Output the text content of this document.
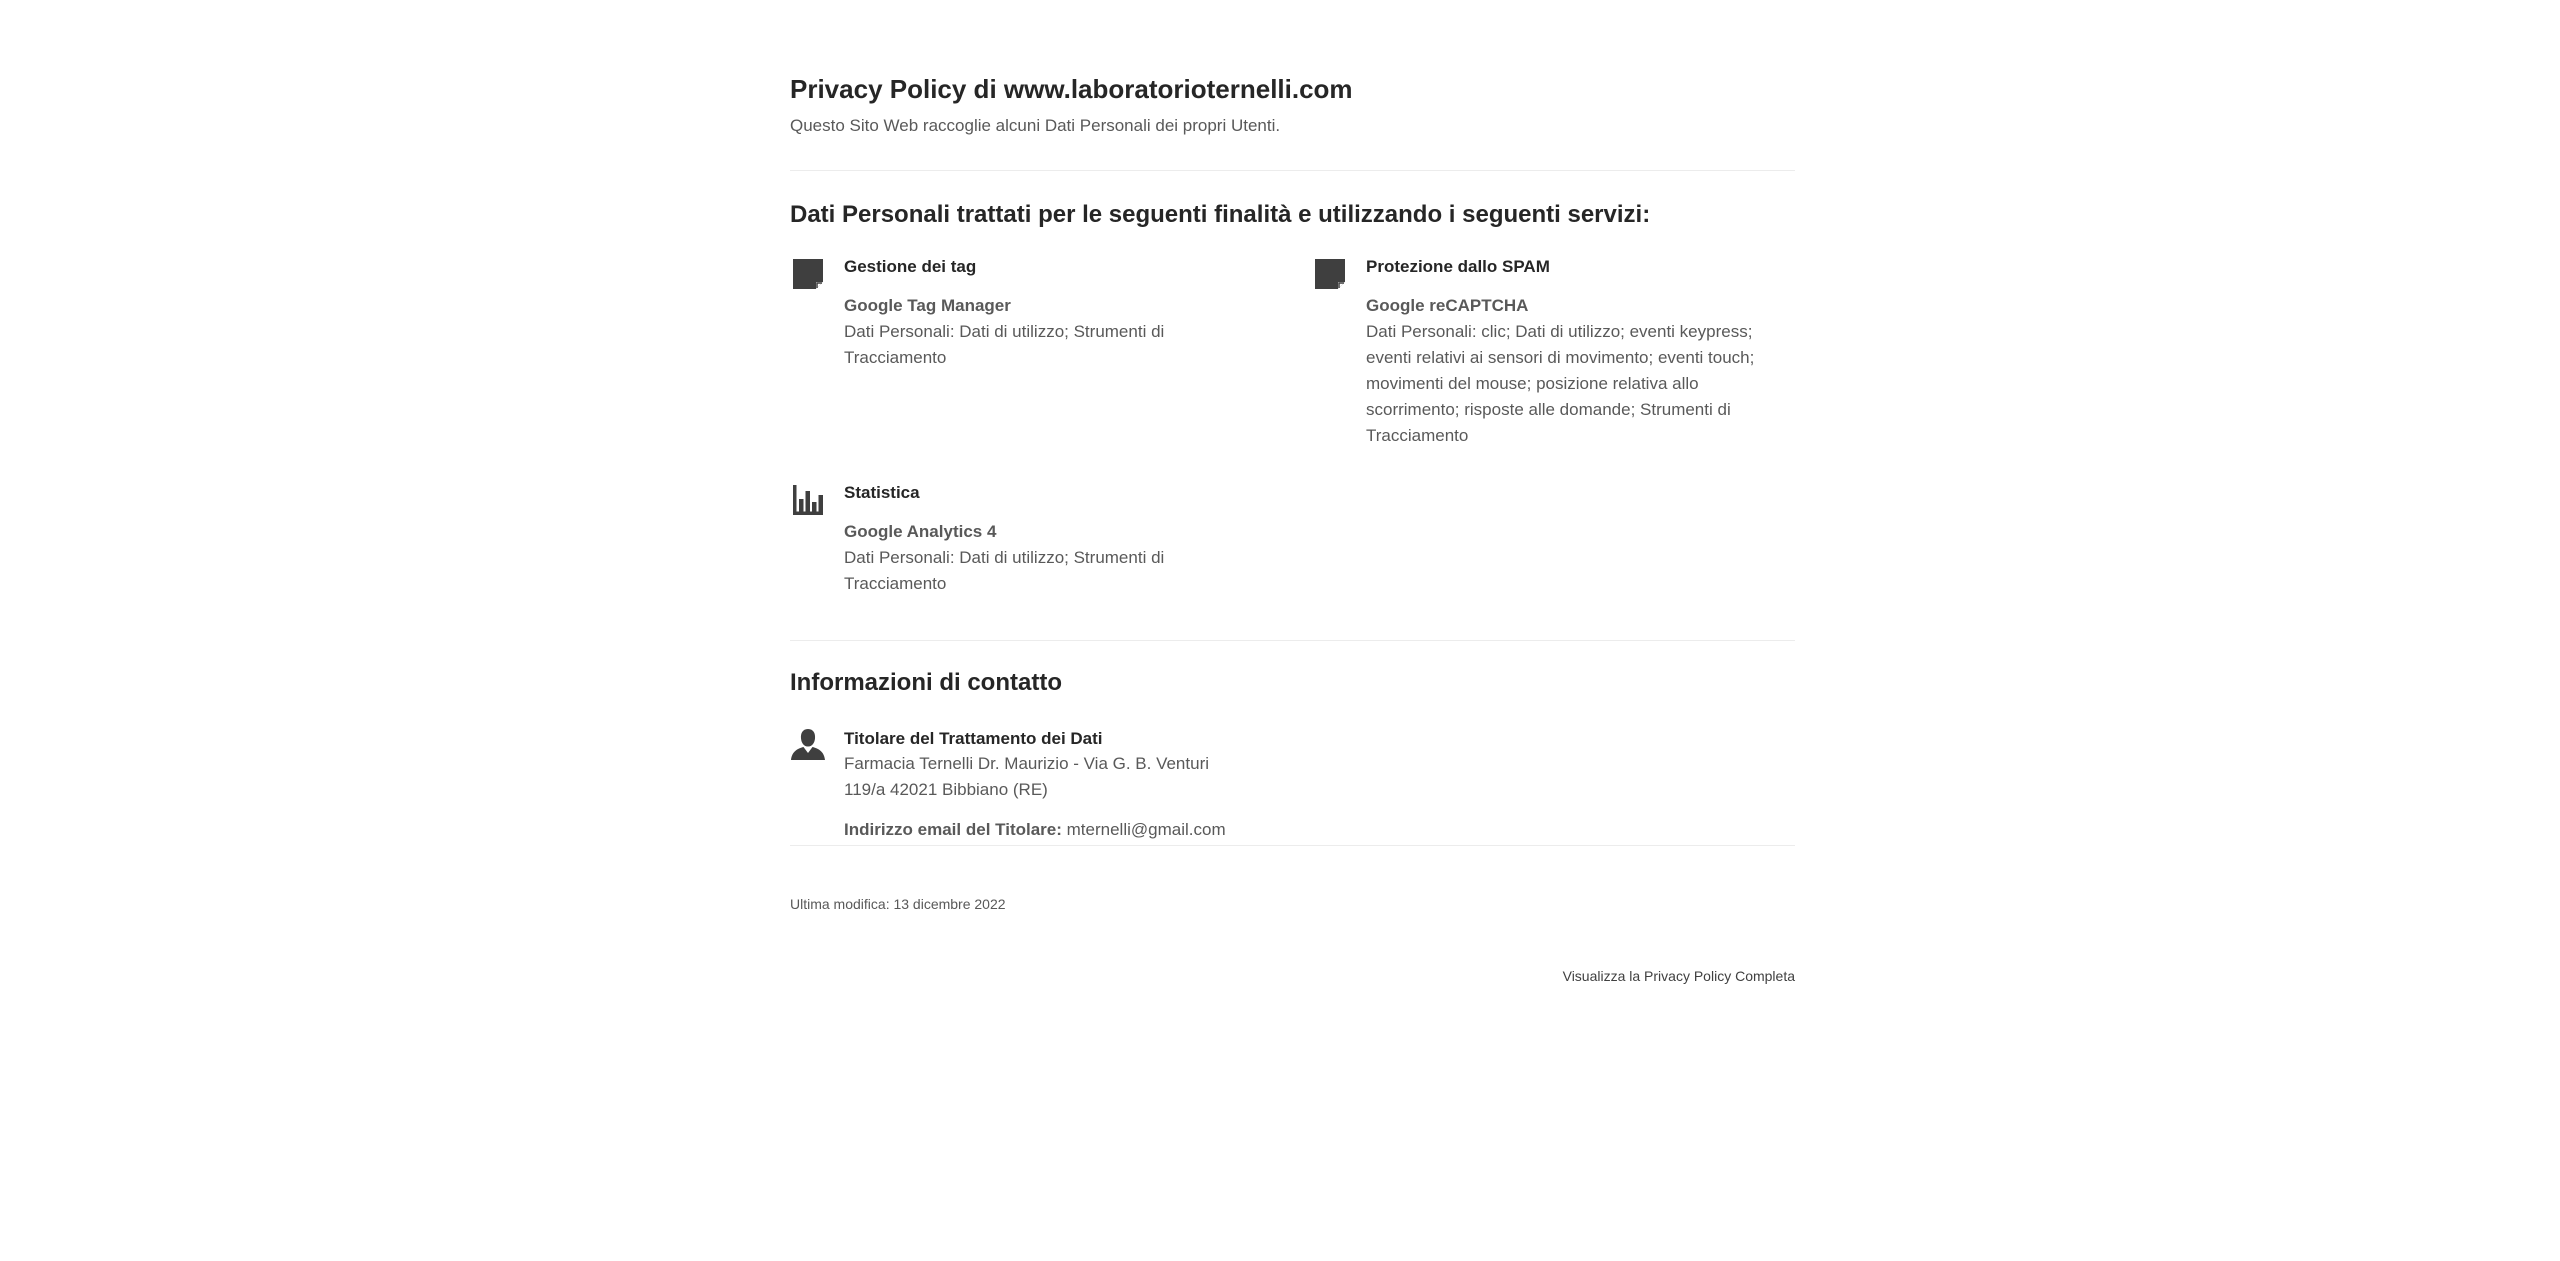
Privacy Policy di www.laboratorioternelli.com

Questo Sito Web raccoglie alcuni Dati Personali dei propri Utenti.

Dati Personali trattati per le seguenti finalità e utilizzando i seguenti servizi:

Gestione dei tag

Google Tag Manager

Dati Personali: Dati di utilizzo; Strumenti di Tracciamento

Protezione dallo SPAM

Google reCAPTCHA

Dati Personali: clic; Dati di utilizzo; eventi keypress; eventi relativi ai sensori di movimento; eventi touch; movimenti del mouse; posizione relativa allo scorrimento; risposte alle domande; Strumenti di Tracciamento

Statistica

Google Analytics 4

Dati Personali: Dati di utilizzo; Strumenti di Tracciamento

Informazioni di contatto

Titolare del Trattamento dei Dati

Farmacia Ternelli Dr. Maurizio - Via G. B. Venturi 119/a 42021 Bibbiano (RE)

Indirizzo email del Titolare: mternelli@gmail.com

Ultima modifica: 13 dicembre 2022

Visualizza la Privacy Policy Completa
